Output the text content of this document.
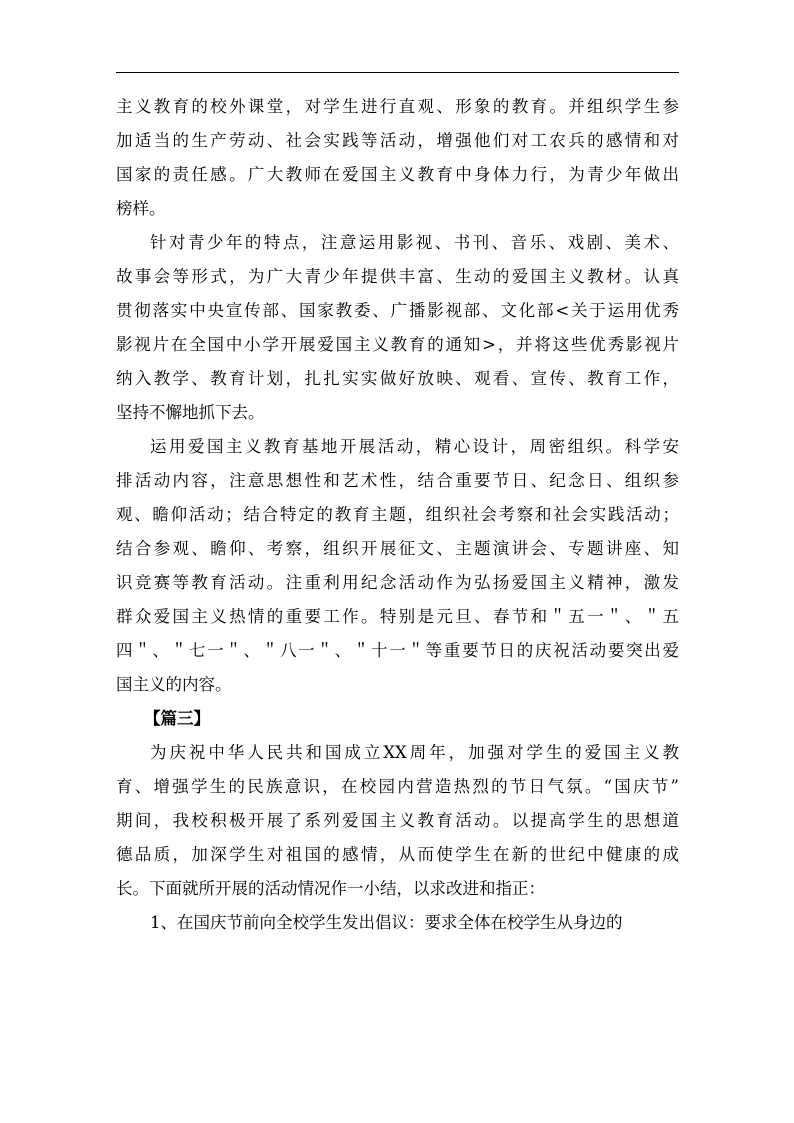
主义教育的校外课堂，对学生进行直观、形象的教育。并组织学生参
加适当的生产劳动、社会实践等活动，增强他们对工农兵的感情和对
国家的责任感。广大教师在爱国主义教育中身体力行，为青少年做出
榜样。
针对青少年的特点，注意运用影视、书刊、音乐、戏剧、美术、
故事会等形式，为广大青少年提供丰富、生动的爱国主义教材。认真
贯彻落实中央宣传部、国家教委、广播影视部、文化部<关于运用优秀
影视片在全国中小学开展爱国主义教育的通知>，并将这些优秀影视片
纳入教学、教育计划，扎扎实实做好放映、观看、宣传、教育工作，
坚持不懈地抓下去。
运用爱国主义教育基地开展活动，精心设计，周密组织。科学安
排活动内容，注意思想性和艺术性，结合重要节日、纪念日、组织参
观、瞻仰活动；结合特定的教育主题，组织社会考察和社会实践活动；
结合参观、瞻仰、考察，组织开展征文、主题演讲会、专题讲座、知
识竞赛等教育活动。注重利用纪念活动作为弘扬爱国主义精神，激发
群众爱国主义热情的重要工作。特别是元旦、春节和＂五一＂、＂五
四＂、＂七一＂、＂八一＂、＂十一＂等重要节日的庆祝活动要突出爱
国主义的内容。
【篇三】
为庆祝中华人民共和国成立XX周年，加强对学生的爱国主义教
育、增强学生的民族意识，在校园内营造热烈的节日气氛。“国庆节”
期间，我校积极开展了系列爱国主义教育活动。以提高学生的思想道
德品质，加深学生对祖国的感情，从而使学生在新的世纪中健康的成
长。下面就所开展的活动情况作一小结，以求改进和指正：
1、在国庆节前向全校学生发出倡议：要求全体在校学生从身边的
